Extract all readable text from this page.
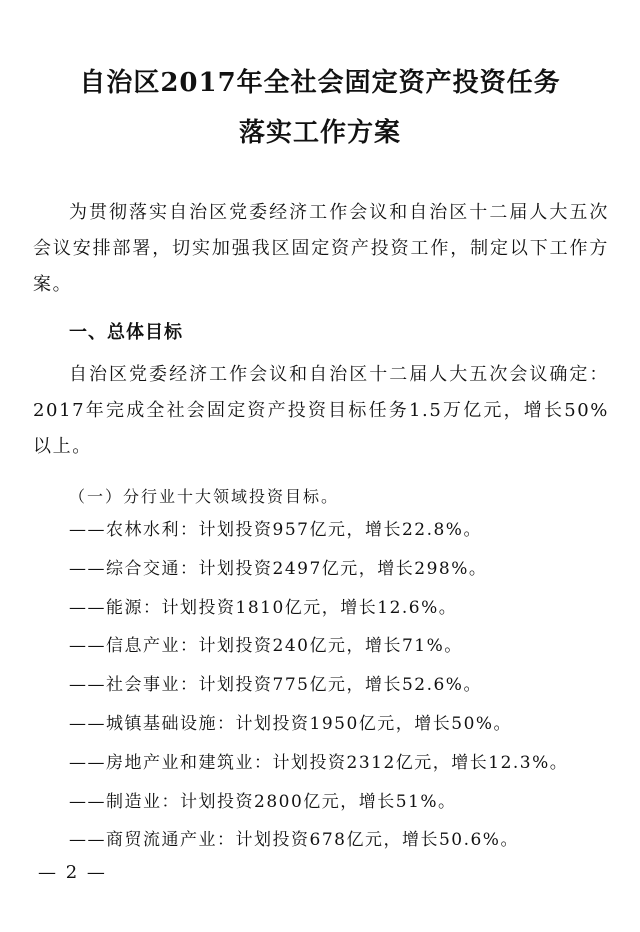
自治区2017年全社会固定资产投资任务
落实工作方案

为贯彻落实自治区党委经济工作会议和自治区十二届人大五次会议安排部署，切实加强我区固定资产投资工作，制定以下工作方案。

一、总体目标

自治区党委经济工作会议和自治区十二届人大五次会议确定：2017年完成全社会固定资产投资目标任务1.5万亿元，增长50%以上。

（一）分行业十大领域投资目标。
——农林水利：计划投资957亿元，增长22.8%。
——综合交通：计划投资2497亿元，增长298%。
——能源：计划投资1810亿元，增长12.6%。
——信息产业：计划投资240亿元，增长71%。
——社会事业：计划投资775亿元，增长52.6%。
——城镇基础设施：计划投资1950亿元，增长50%。
——房地产业和建筑业：计划投资2312亿元，增长12.3%。
——制造业：计划投资2800亿元，增长51%。
——商贸流通产业：计划投资678亿元，增长50.6%。
— 2 —
